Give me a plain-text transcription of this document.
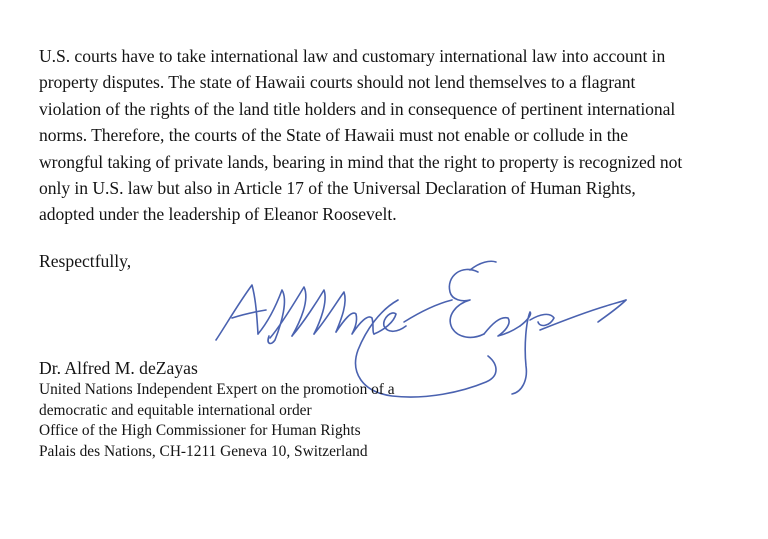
U.S. courts have to take international law and customary international law into account in
property disputes. The state of Hawaii courts should not lend themselves to a flagrant
violation of the rights of the land title holders and in consequence of pertinent international
norms. Therefore, the courts of the State of Hawaii must not enable or collude in the
wrongful taking of private lands, bearing in mind that the right to property is recognized not
only in U.S. law but also in Article 17 of the Universal Declaration of Human Rights,
adopted under the leadership of Eleanor Roosevelt.

Respectfully,

Dr. Alfred M. deZayas
United Nations Independent Expert on the promotion of a
democratic and equitable international order
Office of the High Commissioner for Human Rights
Palais des Nations, CH-1211 Geneva 10, Switzerland
